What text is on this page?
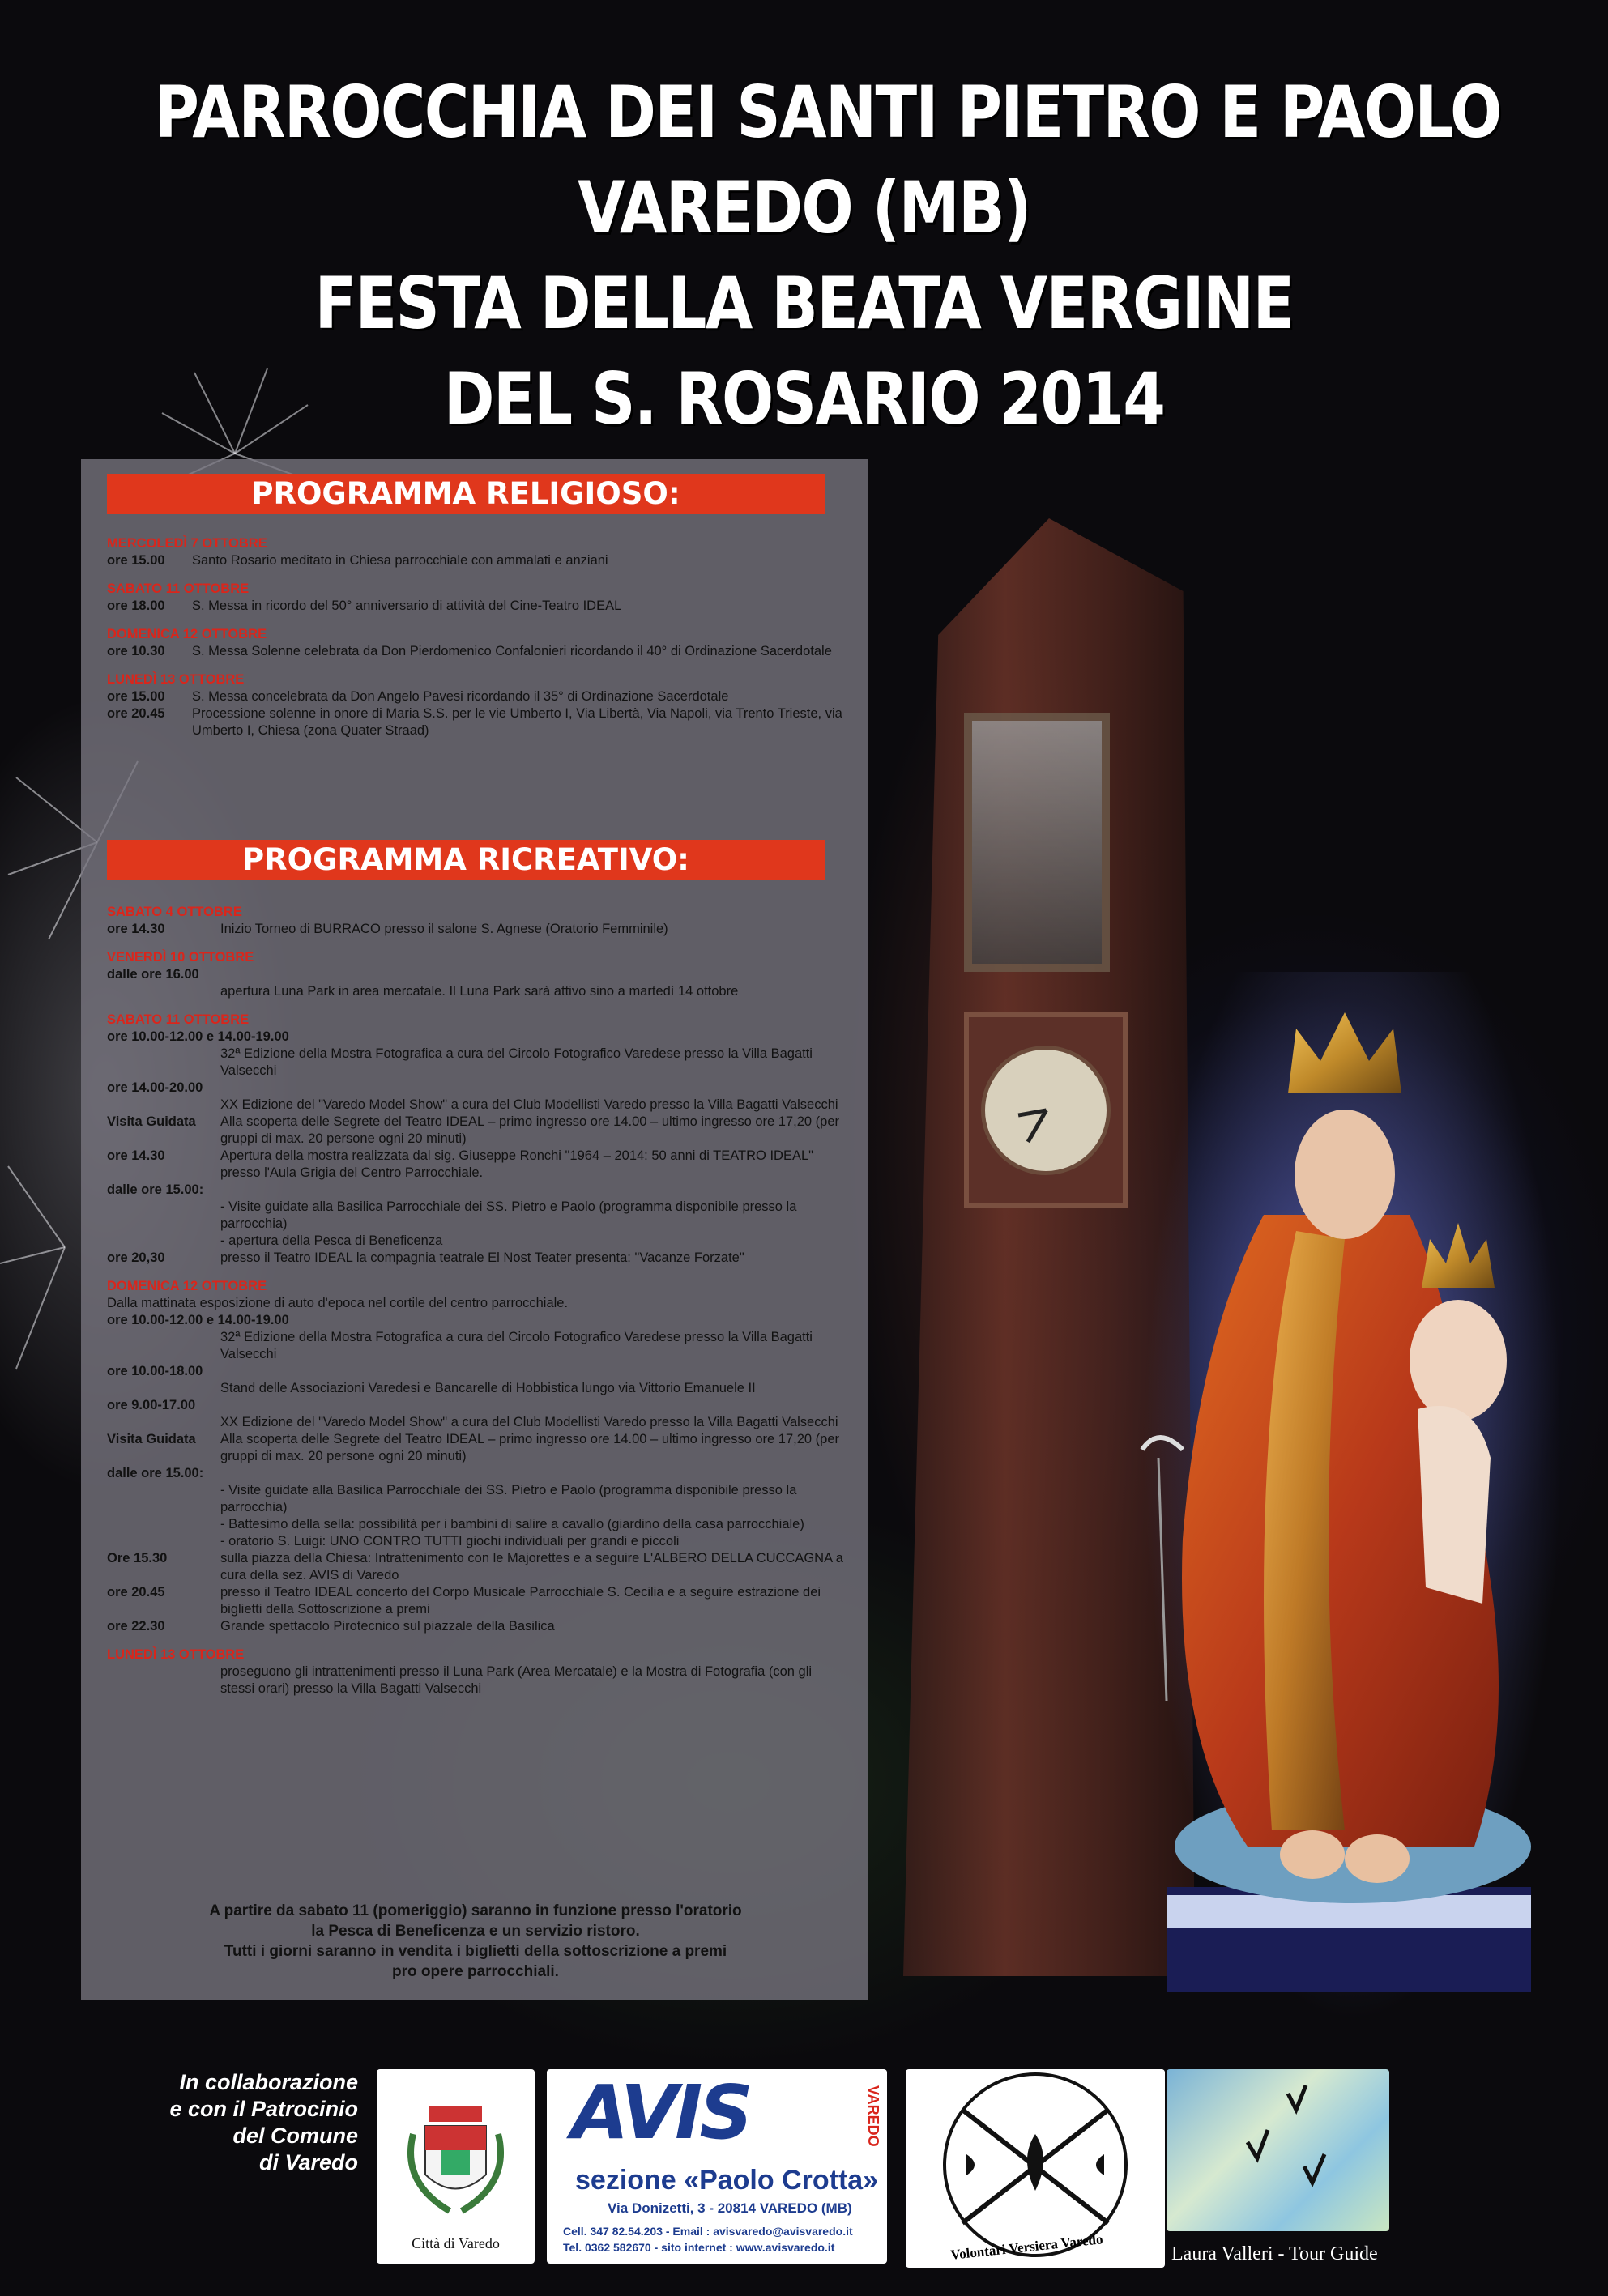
PARROCCHIA DEI SANTI PIETRO E PAOLO
VAREDO (MB)
FESTA DELLA BEATA VERGINE
DEL S. ROSARIO 2014
PROGRAMMA RELIGIOSO:
MERCOLEDÌ 7 OTTOBRE
ore 15.00	Santo Rosario meditato in Chiesa parrocchiale con ammalati e anziani
SABATO 11 OTTOBRE
ore 18.00	S. Messa in ricordo del 50° anniversario di attività del Cine-Teatro IDEAL
DOMENICA 12 OTTOBRE
ore 10.30	S. Messa Solenne celebrata da Don Pierdomenico Confalonieri ricordando il 40° di Ordinazione Sacerdotale
LUNEDÌ 13 OTTOBRE
ore 15.00	S. Messa concelebrata da Don Angelo Pavesi ricordando il 35° di Ordinazione Sacerdotale
ore 20.45	Processione solenne in onore di Maria S.S. per le vie Umberto I, Via Libertà, Via Napoli, via Trento Trieste, via Umberto I, Chiesa (zona Quater Straad)
PROGRAMMA RICREATIVO:
SABATO 4 OTTOBRE
ore 14.30	Inizio Torneo di BURRACO presso il salone S. Agnese (Oratorio Femminile)
VENERDÌ 10 OTTOBRE
dalle ore 16.00
apertura Luna Park in area mercatale. Il Luna Park sarà attivo sino a martedì 14 ottobre
SABATO 11 OTTOBRE
ore 10.00-12.00 e 14.00-19.00
32ª Edizione della Mostra Fotografica a cura del Circolo Fotografico Varedese presso la Villa Bagatti Valsecchi
ore 14.00-20.00
XX Edizione del "Varedo Model Show" a cura del Club Modellisti Varedo presso la Villa Bagatti Valsecchi
Visita Guidata	Alla scoperta delle Segrete del Teatro IDEAL – primo ingresso ore 14.00 – ultimo ingresso ore 17,20 (per gruppi di max. 20 persone ogni 20 minuti)
ore 14.30	Apertura della mostra realizzata dal sig. Giuseppe Ronchi "1964 – 2014: 50 anni di TEATRO IDEAL" presso l'Aula Grigia del Centro Parrocchiale.
dalle ore 15.00:
- Visite guidate alla Basilica Parrocchiale dei SS. Pietro e Paolo (programma disponibile presso la parrocchia)
- apertura della Pesca di Beneficenza
ore 20,30	presso il Teatro IDEAL la compagnia teatrale El Nost Teater presenta: "Vacanze Forzate"
DOMENICA 12 OTTOBRE
Dalla mattinata esposizione di auto d'epoca nel cortile del centro parrocchiale.
ore 10.00-12.00 e 14.00-19.00
32ª Edizione della Mostra Fotografica a cura del Circolo Fotografico Varedese presso la Villa Bagatti Valsecchi
ore 10.00-18.00
Stand delle Associazioni Varedesi e Bancarelle di Hobbistica lungo via Vittorio Emanuele II
ore 9.00-17.00
XX Edizione del "Varedo Model Show" a cura del Club Modellisti Varedo presso la Villa Bagatti Valsecchi
Visita Guidata	Alla scoperta delle Segrete del Teatro IDEAL – primo ingresso ore 14.00 – ultimo ingresso ore 17,20 (per gruppi di max. 20 persone ogni 20 minuti)
dalle ore 15.00:
- Visite guidate alla Basilica Parrocchiale dei SS. Pietro e Paolo (programma disponibile presso la parrocchia)
- Battesimo della sella: possibilità per i bambini di salire a cavallo (giardino della casa parrocchiale)
- oratorio S. Luigi: UNO CONTRO TUTTI giochi individuali per grandi e piccoli
Ore 15.30	sulla piazza della Chiesa: Intrattenimento con le Majorettes e a seguire L'ALBERO DELLA CUCCAGNA a cura della sez. AVIS di Varedo
ore 20.45	presso il Teatro IDEAL concerto del Corpo Musicale Parrocchiale S. Cecilia e a seguire estrazione dei biglietti della Sottoscrizione a premi
ore 22.30	Grande spettacolo Pirotecnico sul piazzale della Basilica
LUNEDÌ 13 OTTOBRE
proseguono gli intrattenimenti presso il Luna Park (Area Mercatale) e la Mostra di Fotografia (con gli stessi orari) presso la Villa Bagatti Valsecchi
A partire da sabato 11 (pomeriggio) saranno in funzione presso l'oratorio
la Pesca di Beneficenza e un servizio ristoro.
Tutti i giorni saranno in vendita i biglietti della sottoscrizione a premi
pro opere parrocchiali.
In collaborazione
e con il Patrocinio
del Comune
di Varedo
Città di Varedo
AVIS	VAREDO
sezione «Paolo Crotta»
Via Donizetti, 3 - 20814 VAREDO (MB)
Cell. 347 82.54.203 - Email : avisvaredo@avisvaredo.it
Tel. 0362 582670 - sito internet : www.avisvaredo.it	Volontari Versiera Varedo	Laura Valleri - Tour Guide
